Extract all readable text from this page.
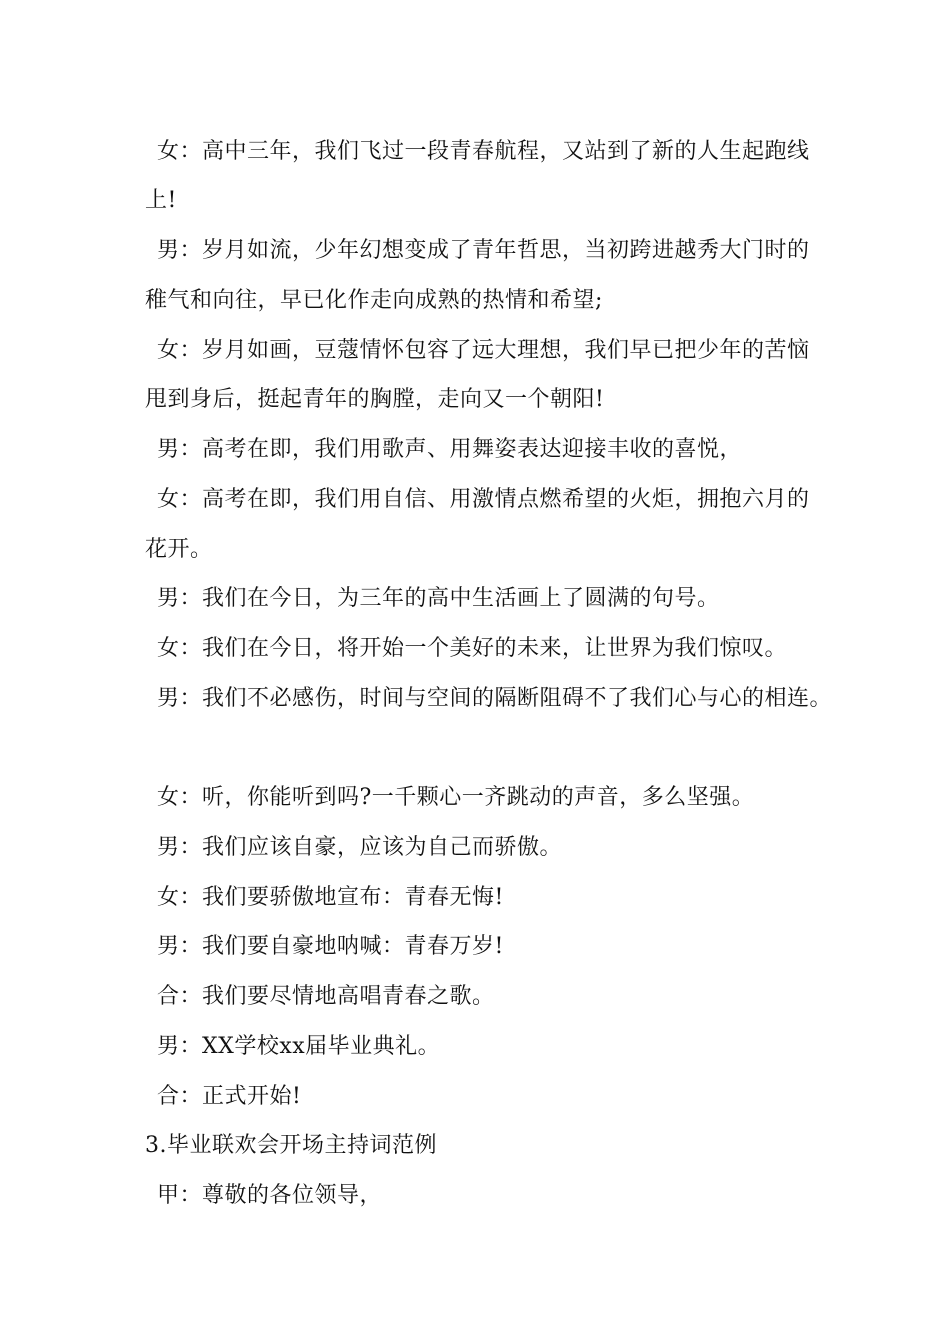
女：高中三年，我们飞过一段青春航程，又站到了新的人生起跑线
上!
男：岁月如流，少年幻想变成了青年哲思，当初跨进越秀大门时的
稚气和向往，早已化作走向成熟的热情和希望;
女：岁月如画，豆蔻情怀包容了远大理想，我们早已把少年的苦恼
甩到身后，挺起青年的胸膛，走向又一个朝阳!
男：高考在即，我们用歌声、用舞姿表达迎接丰收的喜悦，
女：高考在即，我们用自信、用激情点燃希望的火炬，拥抱六月的
花开。
男：我们在今日，为三年的高中生活画上了圆满的句号。
女：我们在今日，将开始一个美好的未来，让世界为我们惊叹。
男：我们不必感伤，时间与空间的隔断阻碍不了我们心与心的相连。
女：听，你能听到吗?一千颗心一齐跳动的声音，多么坚强。
男：我们应该自豪，应该为自己而骄傲。
女：我们要骄傲地宣布：青春无悔!
男：我们要自豪地呐喊：青春万岁!
合：我们要尽情地高唱青春之歌。
男：XX学校xx届毕业典礼。
合：正式开始!
3.毕业联欢会开场主持词范例
甲：尊敬的各位领导，
